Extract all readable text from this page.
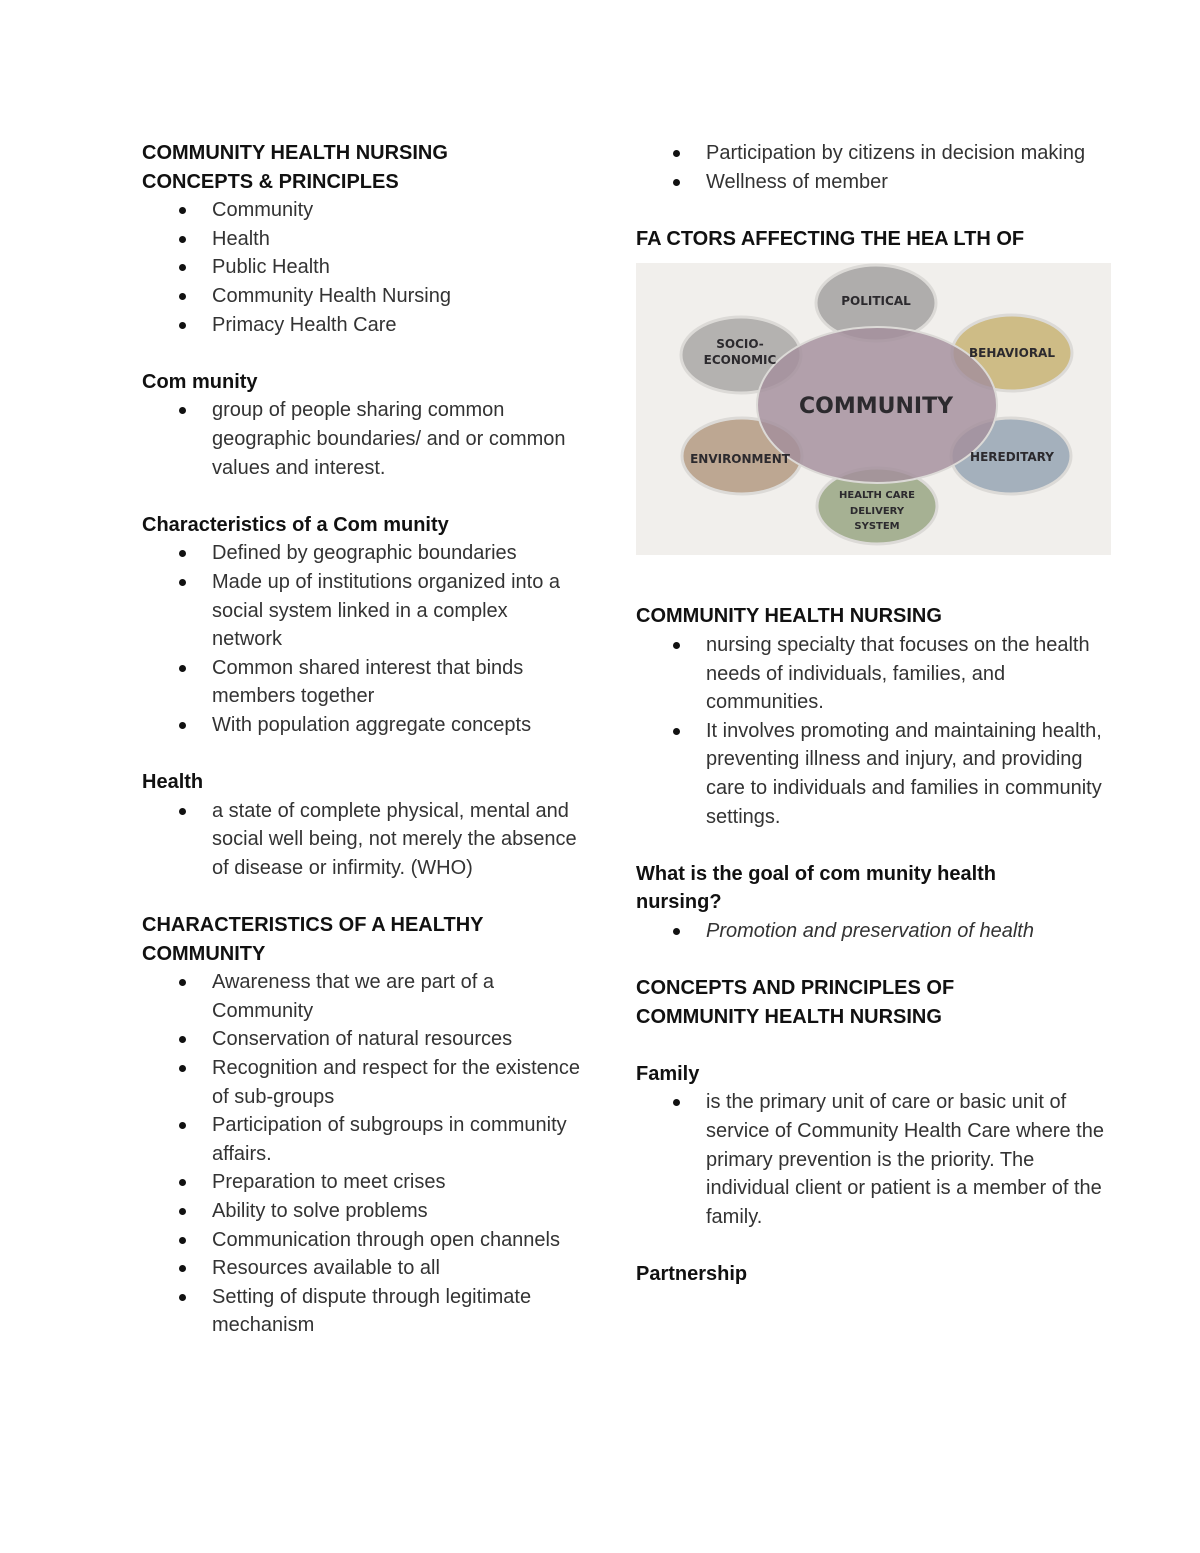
COMMUNITY HEALTH NURSING
CONCEPTS & PRINCIPLES

Community
Health
Public Health
Community Health Nursing
Primacy Health Care

Com munity

group of people sharing common geographic boundaries/ and or common values and interest.

Characteristics of a Com munity

Defined by geographic boundaries
Made up of institutions organized into a social system linked in a complex network
Common shared interest that binds members together
With population aggregate concepts

Health

a state of complete physical, mental and social well being, not merely the absence of disease or infirmity. (WHO)

CHARACTERISTICS OF A HEALTHY
COMMUNITY

Awareness that we are part of a Community
Conservation of natural resources
Recognition and respect for the existence of sub-groups
Participation of subgroups in community affairs.
Preparation to meet crises
Ability to solve problems
Communication through open channels
Resources available to all
Setting of dispute through legitimate mechanism
Participation by citizens in decision making
Wellness of member

FA CTORS AFFECTING THE HEA LTH OF

POLITICAL
SOCIO-
ECONOMIC	BEHAVIORAL
COMMUNITY
ENVIRONMENT	HEREDITARY
HEALTH CARE
DELIVERY
SYSTEM

COMMUNITY HEALTH NURSING

nursing specialty that focuses on the health needs of individuals, families, and communities.
It involves promoting and maintaining health, preventing illness and injury, and providing care to individuals and families in community settings.

What is the goal of com munity health
nursing?

Promotion and preservation of health

CONCEPTS AND PRINCIPLES OF
COMMUNITY HEALTH NURSING

Family

is the primary unit of care or basic unit of service of Community Health Care where the primary prevention is the priority. The individual client or patient is a member of the family.

Partnership
